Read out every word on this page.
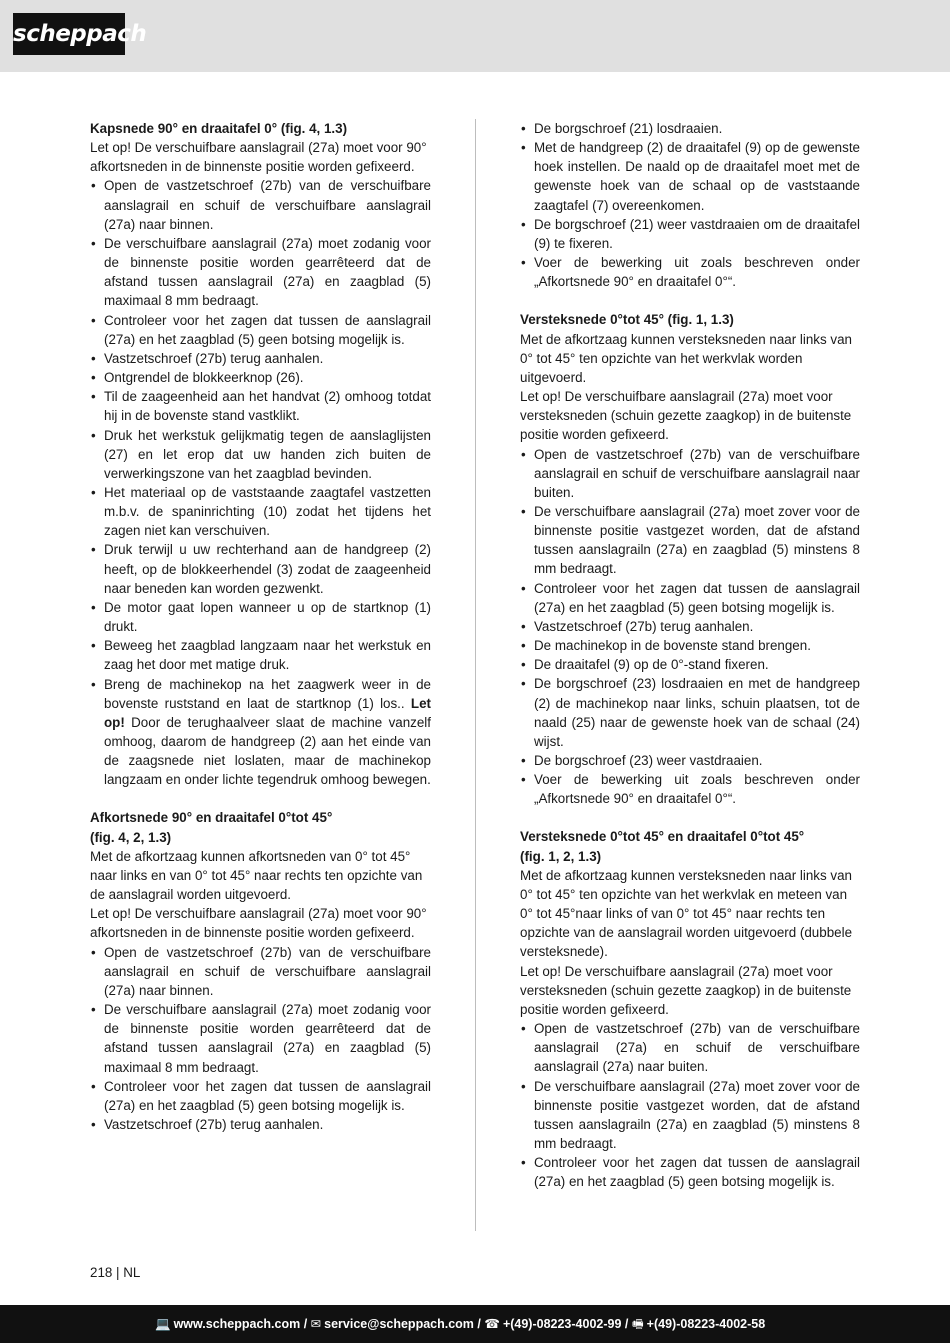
scheppach

Kapsnede 90° en draaitafel 0° (fig. 4, 1.3)

Let op! De verschuifbare aanslagrail (27a) moet voor 90° afkortsneden in de binnenste positie worden gefixeerd.

• Open de vastzetschroef (27b) van de verschuifbare aanslagrail en schuif de verschuifbare aanslagrail (27a) naar binnen.
• De verschuifbare aanslagrail (27a) moet zodanig voor de binnenste positie worden gearrêteerd dat de afstand tussen aanslagrail (27a) en zaagblad (5) maximaal 8 mm bedraagt.
• Controleer voor het zagen dat tussen de aanslagrail (27a) en het zaagblad (5) geen botsing mogelijk is.
• Vastzetschroef (27b) terug aanhalen.
• Ontgrendel de blokkeerknop (26).
• Til de zaageenheid aan het handvat (2) omhoog totdat hij in de bovenste stand vastklikt.
• Druk het werkstuk gelijkmatig tegen de aanslaglijsten (27) en let erop dat uw handen zich buiten de verwerkingszone van het zaagblad bevinden.
• Het materiaal op de vaststaande zaagtafel vastzetten m.b.v. de spaninrichting (10) zodat het tijdens het zagen niet kan verschuiven.
• Druk terwijl u uw rechterhand aan de handgreep (2) heeft, op de blokkeerhendel (3) zodat de zaageenheid naar beneden kan worden gezwenkt.
• De motor gaat lopen wanneer u op de startknop (1) drukt.
• Beweeg het zaagblad langzaam naar het werkstuk en zaag het door met matige druk.
• Breng de machinekop na het zaagwerk weer in de bovenste ruststand en laat de startknop (1) los.. Let op! Door de terughaalveer slaat de machine vanzelf omhoog, daarom de handgreep (2) aan het einde van de zaagsnede niet loslaten, maar de machinekop langzaam en onder lichte tegendruk omhoog bewegen.

Afkortsnede 90° en draaitafel 0°tot 45°

(fig. 4, 2, 1.3)

Met de afkortzaag kunnen afkortsneden van 0° tot 45° naar links en van 0° tot 45° naar rechts ten opzichte van de aanslagrail worden uitgevoerd.

Let op! De verschuifbare aanslagrail (27a) moet voor 90° afkortsneden in de binnenste positie worden gefixeerd.

• Open de vastzetschroef (27b) van de verschuifbare aanslagrail en schuif de verschuifbare aanslagrail (27a) naar binnen.
• De verschuifbare aanslagrail (27a) moet zodanig voor de binnenste positie worden gearrêteerd dat de afstand tussen aanslagrail (27a) en zaagblad (5) maximaal 8 mm bedraagt.
• Controleer voor het zagen dat tussen de aanslagrail (27a) en het zaagblad (5) geen botsing mogelijk is.
• Vastzetschroef (27b) terug aanhalen.
• De borgschroef (21) losdraaien.
• Met de handgreep (2) de draaitafel (9) op de gewenste hoek instellen. De naald op de draaitafel moet met de gewenste hoek van de schaal op de vaststaande zaagtafel (7) overeenkomen.
• De borgschroef (21) weer vastdraaien om de draaitafel (9) te fixeren.
• Voer de bewerking uit zoals beschreven onder „Afkortsnede 90° en draaitafel 0°“.

Versteksnede 0°tot 45° (fig. 1, 1.3)

Met de afkortzaag kunnen versteksneden naar links van 0° tot 45° ten opzichte van het werkvlak worden uitgevoerd.

Let op! De verschuifbare aanslagrail (27a) moet voor versteksneden (schuin gezette zaagkop) in de buitenste positie worden gefixeerd.

• Open de vastzetschroef (27b) van de verschuifbare aanslagrail en schuif de verschuifbare aanslagrail naar buiten.
• De verschuifbare aanslagrail (27a) moet zover voor de binnenste positie vastgezet worden, dat de afstand tussen aanslagrailn (27a) en zaagblad (5) minstens 8 mm bedraagt.
• Controleer voor het zagen dat tussen de aanslagrail (27a) en het zaagblad (5) geen botsing mogelijk is.
• Vastzetschroef (27b) terug aanhalen.
• De machinekop in de bovenste stand brengen.
• De draaitafel (9) op de 0°-stand fixeren.
• De borgschroef (23) losdraaien en met de handgreep (2) de machinekop naar links, schuin plaatsen, tot de naald (25) naar de gewenste hoek van de schaal (24) wijst.
• De borgschroef (23) weer vastdraaien.
• Voer de bewerking uit zoals beschreven onder „Afkortsnede 90° en draaitafel 0°“.

Versteksnede 0°tot 45° en draaitafel 0°tot 45°

(fig. 1, 2, 1.3)

Met de afkortzaag kunnen versteksneden naar links van 0° tot 45° ten opzichte van het werkvlak en meteen van 0° tot 45°naar links of van 0° tot 45° naar rechts ten opzichte van de aanslagrail worden uitgevoerd (dubbele versteksnede).

Let op! De verschuifbare aanslagrail (27a) moet voor versteksneden (schuin gezette zaagkop) in de buitenste positie worden gefixeerd.

• Open de vastzetschroef (27b) van de verschuifbare aanslagrail (27a) en schuif de verschuifbare aanslagrail (27a) naar buiten.
• De verschuifbare aanslagrail (27a) moet zover voor de binnenste positie vastgezet worden, dat de afstand tussen aanslagrailn (27a) en zaagblad (5) minstens 8 mm bedraagt.
• Controleer voor het zagen dat tussen de aanslagrail (27a) en het zaagblad (5) geen botsing mogelijk is.
218 | NL
💻 www.scheppach.com / ✉ service@scheppach.com / ☎ +(49)-08223-4002-99 / 🖷 +(49)-08223-4002-58
